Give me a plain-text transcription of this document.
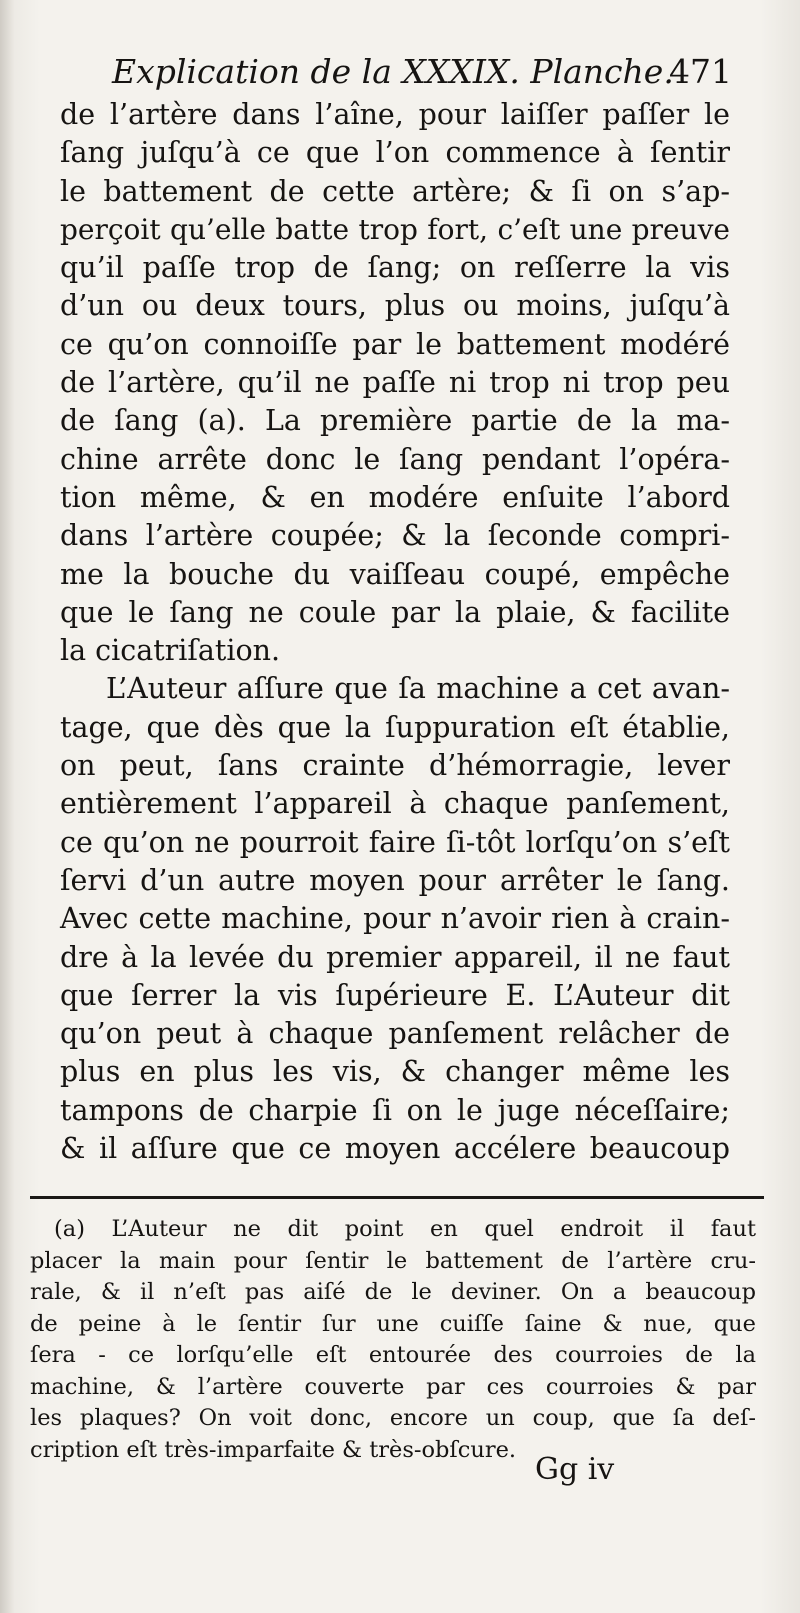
Explication de la XXXIX. Planche.
471
de l’artère dans l’aîne, pour laiſſer paſſer le
ſang juſqu’à ce que l’on commence à ſentir
le battement de cette artère; & ſi on s’ap-
perçoit qu’elle batte trop fort, c’eſt une preuve
qu’il paſſe trop de ſang; on reſſerre la vis
d’un ou deux tours, plus ou moins, juſqu’à
ce qu’on connoiſſe par le battement modéré
de l’artère, qu’il ne paſſe ni trop ni trop peu
de ſang (a). La première partie de la ma-
chine arrête donc le ſang pendant l’opéra-
tion même, & en modére enſuite l’abord
dans l’artère coupée; & la ſeconde compri-
me la bouche du vaiſſeau coupé, empêche
que le ſang ne coule par la plaie, & facilite
la cicatriſation.
L’Auteur aſſure que ſa machine a cet avan-
tage, que dès que la ſuppuration eſt établie,
on peut, ſans crainte d’hémorragie, lever
entièrement l’appareil à chaque panſement,
ce qu’on ne pourroit faire ſi-tôt lorſqu’on s’eſt
ſervi d’un autre moyen pour arrêter le ſang.
Avec cette machine, pour n’avoir rien à crain-
dre à la levée du premier appareil, il ne faut
que ſerrer la vis ſupérieure E. L’Auteur dit
qu’on peut à chaque panſement relâcher de
plus en plus les vis, & changer même les
tampons de charpie ſi on le juge néceſſaire;
& il aſſure que ce moyen accélere beaucoup
(a) L’Auteur ne dit point en quel endroit il faut
placer la main pour ſentir le battement de l’artère cru-
rale, & il n’eſt pas aiſé de le deviner. On a beaucoup
de peine à le ſentir ſur une cuiſſe ſaine & nue, que
ſera - ce lorſqu’elle eſt entourée des courroies de la
machine, & l’artère couverte par ces courroies & par
les plaques? On voit donc, encore un coup, que ſa deſ-
cription eſt très-imparfaite & très-obſcure.
Gg iv
